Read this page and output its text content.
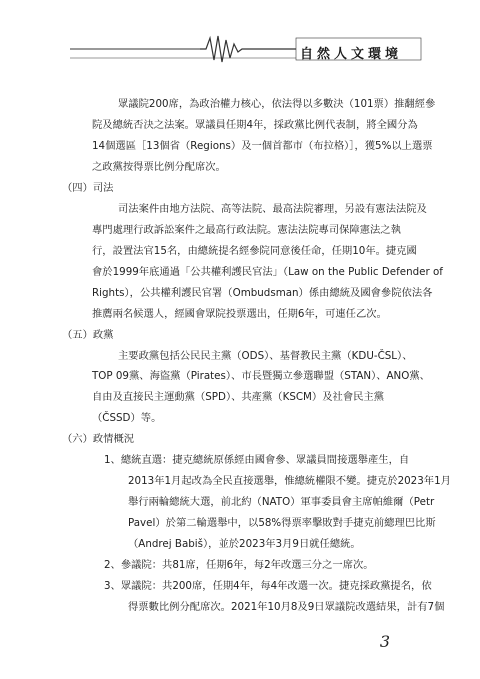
自然人文環境
眾議院200席，為政治權力核心，依法得以多數決（101票）推翻經參
院及總統否決之法案。眾議員任期4年，採政黨比例代表制，將全國分為
14個選區［13個省（Regions）及一個首都市（布拉格）］，獲5%以上選票
之政黨按得票比例分配席次。
（四）司法
司法案件由地方法院、高等法院、最高法院審理，另設有憲法法院及
專門處理行政訴訟案件之最高行政法院。憲法法院專司保障憲法之執
行，設置法官15名，由總統提名經參院同意後任命，任期10年。捷克國
會於1999年底通過「公共權利護民官法」（Law on the Public Defender of
Rights），公共權利護民官署（Ombudsman）係由總統及國會參院依法各
推薦兩名候選人，經國會眾院投票選出，任期6年，可連任乙次。
（五）政黨
主要政黨包括公民民主黨（ODS）、基督教民主黨（KDU-ČSL）、
TOP 09黨、海盜黨（Pirates）、市長暨獨立參選聯盟（STAN）、ANO黨、
自由及直接民主運動黨（SPD）、共產黨（KSCM）及社會民主黨
（ČSSD）等。
（六）政情概況
1、總統直選：捷克總統原係經由國會參、眾議員間接選舉產生，自
2013年1月起改為全民直接選舉，惟總統權限不變。捷克於2023年1月
舉行兩輪總統大選，前北約（NATO）軍事委員會主席帕維爾（Petr
Pavel）於第二輪選舉中，以58%得票率擊敗對手捷克前總理巴比斯
（Andrej Babiš），並於2023年3月9日就任總統。
2、參議院：共81席，任期6年，每2年改選三分之一席次。
3、眾議院：共200席，任期4年，每4年改選一次。捷克採政黨提名，依
得票數比例分配席次。2021年10月8及9日眾議院改選結果，計有7個
3
